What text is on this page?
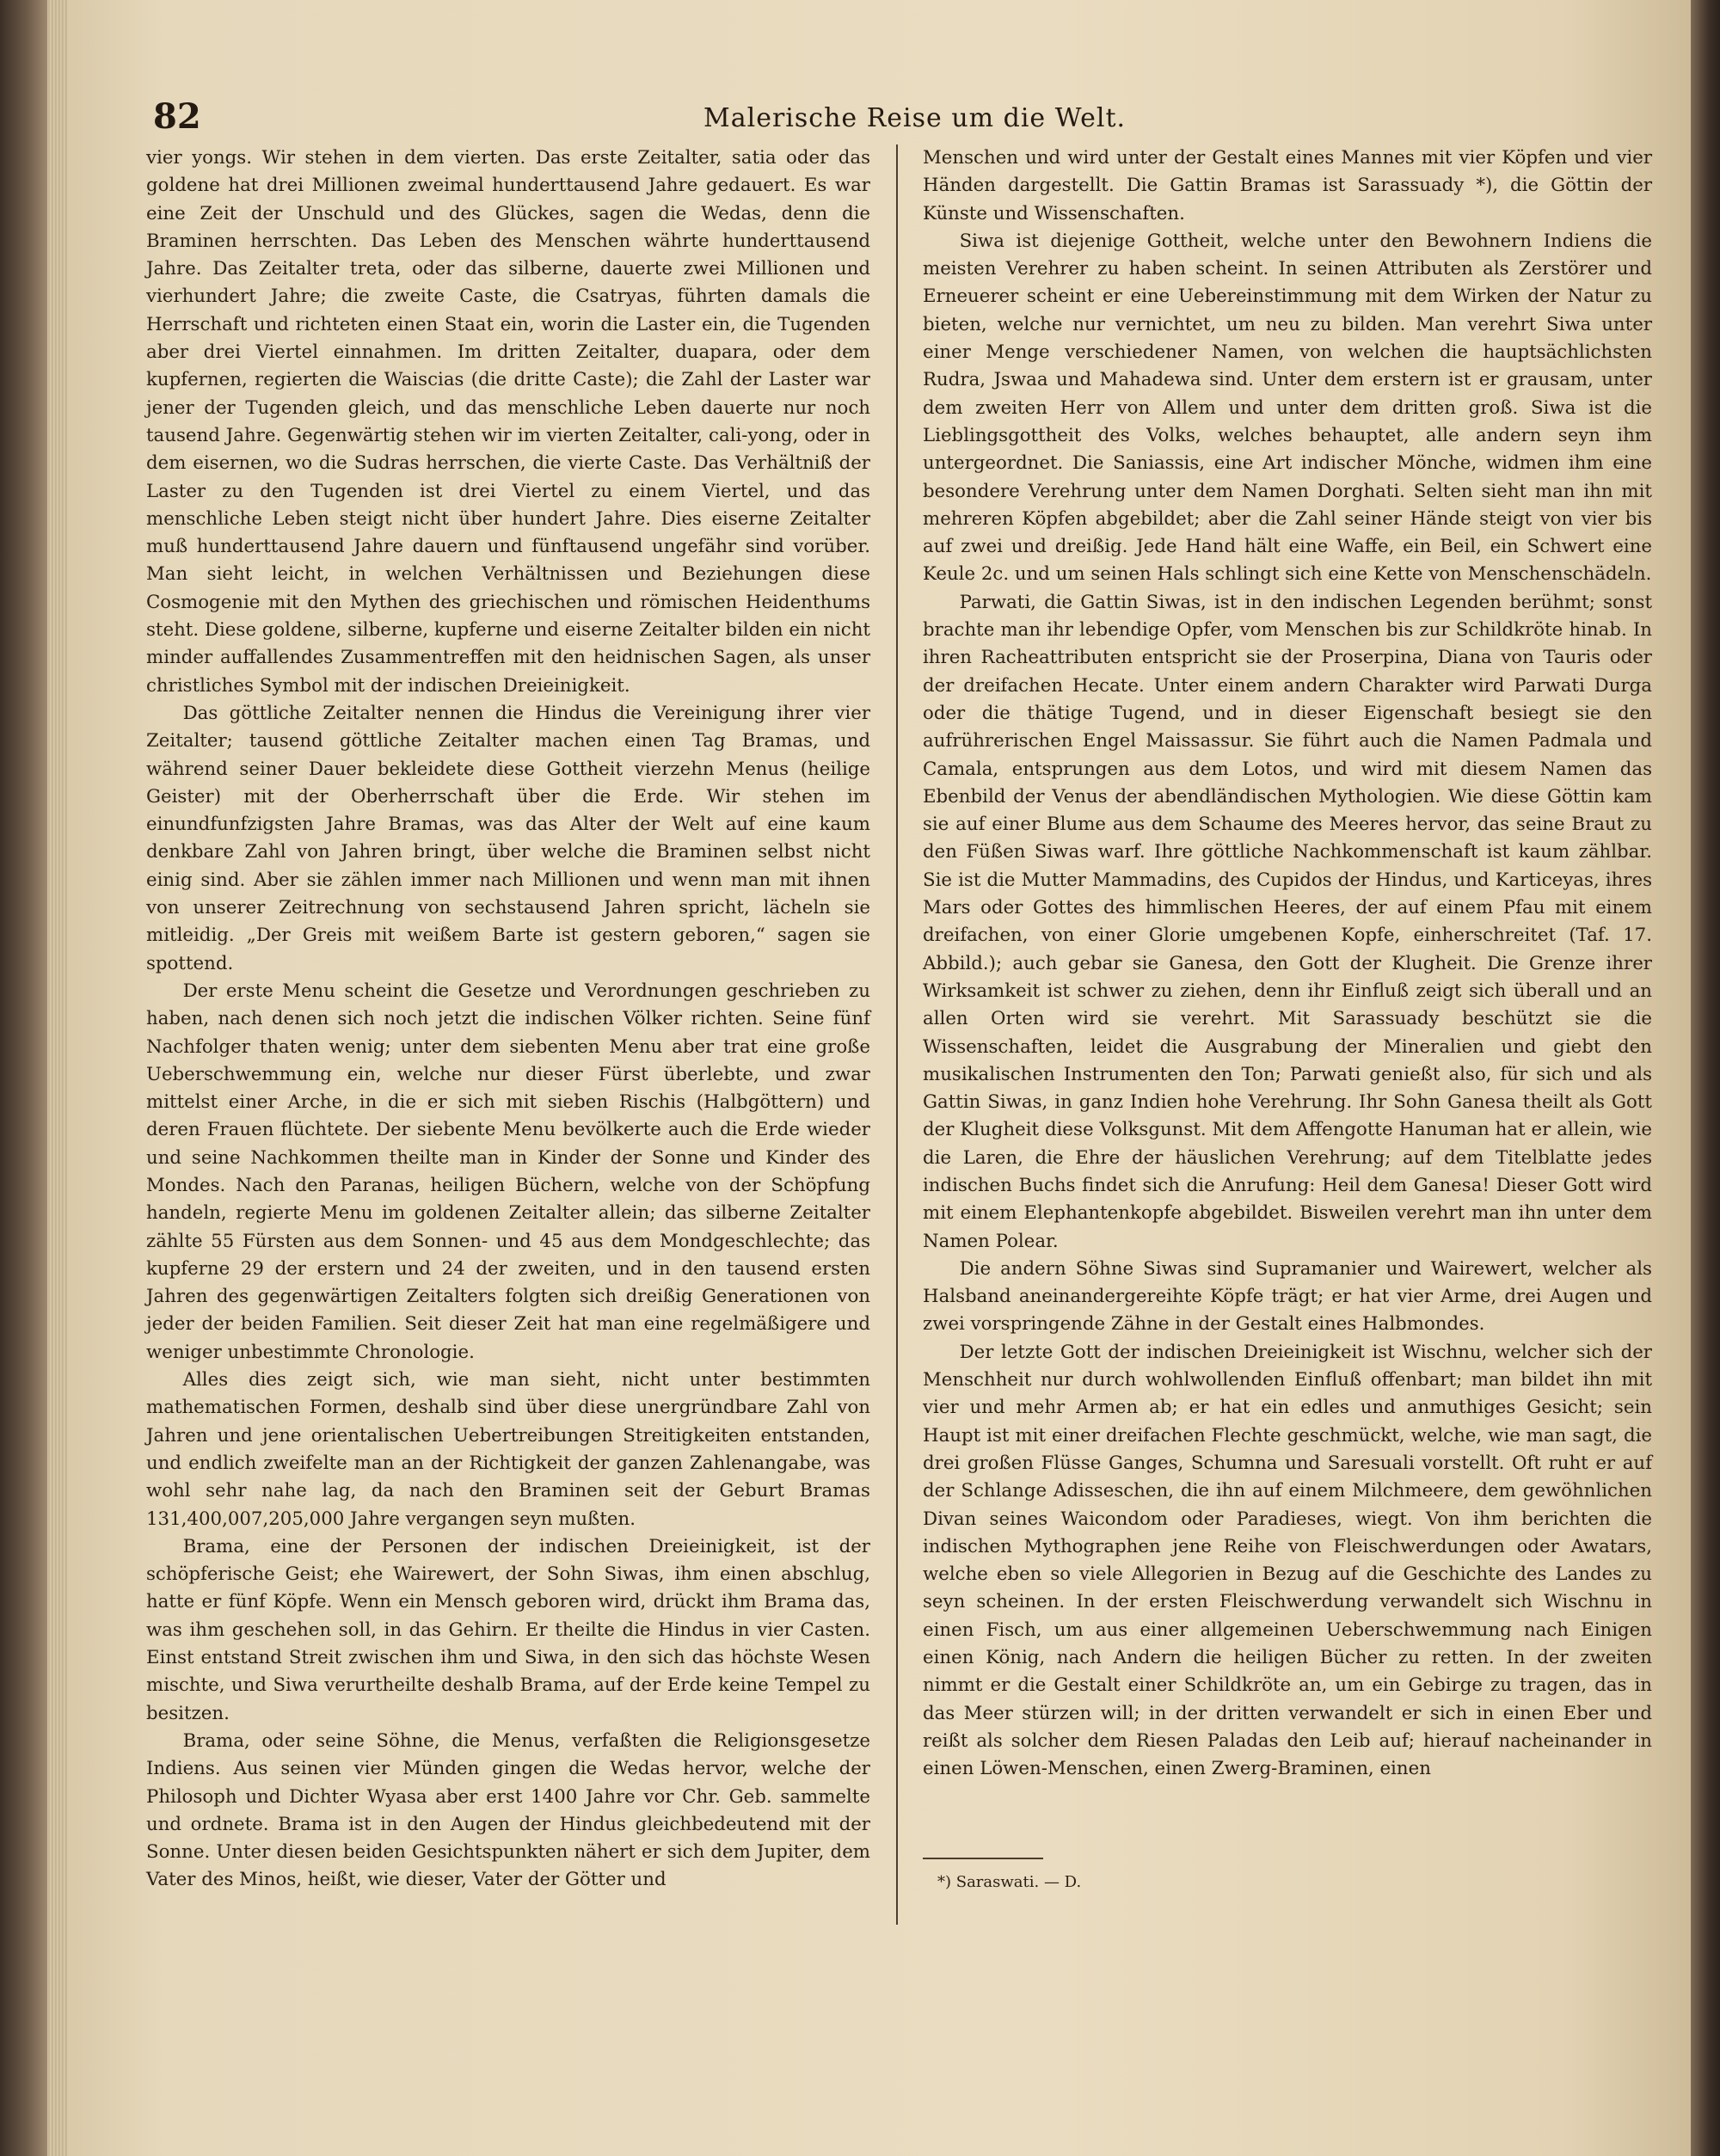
82	Malerische Reise um die Welt.

vier yongs. Wir stehen in dem vierten. Das erste Zeitalter, satia oder das goldene hat drei Millionen zweimal hunderttausend Jahre gedauert. Es war eine Zeit der Unschuld und des Glückes, sagen die Wedas, denn die Braminen herrschten. Das Leben des Menschen währte hunderttausend Jahre. Das Zeitalter treta, oder das silberne, dauerte zwei Millionen und vierhundert Jahre; die zweite Caste, die Csatryas, führten damals die Herrschaft und richteten einen Staat ein, worin die Laster ein, die Tugenden aber drei Viertel einnahmen. Im dritten Zeitalter, duapara, oder dem kupfernen, regierten die Waiscias (die dritte Caste); die Zahl der Laster war jener der Tugenden gleich, und das menschliche Leben dauerte nur noch tausend Jahre. Gegenwärtig stehen wir im vierten Zeitalter, cali-yong, oder in dem eisernen, wo die Sudras herrschen, die vierte Caste. Das Verhältniß der Laster zu den Tugenden ist drei Viertel zu einem Viertel, und das menschliche Leben steigt nicht über hundert Jahre. Dies eiserne Zeitalter muß hunderttausend Jahre dauern und fünftausend ungefähr sind vorüber. Man sieht leicht, in welchen Verhältnissen und Beziehungen diese Cosmogenie mit den Mythen des griechischen und römischen Heidenthums steht. Diese goldene, silberne, kupferne und eiserne Zeitalter bilden ein nicht minder auffallendes Zusammentreffen mit den heidnischen Sagen, als unser christliches Symbol mit der indischen Dreieinigkeit.

Das göttliche Zeitalter nennen die Hindus die Vereinigung ihrer vier Zeitalter; tausend göttliche Zeitalter machen einen Tag Bramas, und während seiner Dauer bekleidete diese Gottheit vierzehn Menus (heilige Geister) mit der Oberherrschaft über die Erde. Wir stehen im einundfunfzigsten Jahre Bramas, was das Alter der Welt auf eine kaum denkbare Zahl von Jahren bringt, über welche die Braminen selbst nicht einig sind. Aber sie zählen immer nach Millionen und wenn man mit ihnen von unserer Zeitrechnung von sechstausend Jahren spricht, lächeln sie mitleidig. „Der Greis mit weißem Barte ist gestern geboren,“ sagen sie spottend.

Der erste Menu scheint die Gesetze und Verordnungen geschrieben zu haben, nach denen sich noch jetzt die indischen Völker richten. Seine fünf Nachfolger thaten wenig; unter dem siebenten Menu aber trat eine große Ueberschwemmung ein, welche nur dieser Fürst überlebte, und zwar mittelst einer Arche, in die er sich mit sieben Rischis (Halbgöttern) und deren Frauen flüchtete. Der siebente Menu bevölkerte auch die Erde wieder und seine Nachkommen theilte man in Kinder der Sonne und Kinder des Mondes. Nach den Paranas, heiligen Büchern, welche von der Schöpfung handeln, regierte Menu im goldenen Zeitalter allein; das silberne Zeitalter zählte 55 Fürsten aus dem Sonnen- und 45 aus dem Mondgeschlechte; das kupferne 29 der erstern und 24 der zweiten, und in den tausend ersten Jahren des gegenwärtigen Zeitalters folgten sich dreißig Generationen von jeder der beiden Familien. Seit dieser Zeit hat man eine regelmäßigere und weniger unbestimmte Chronologie.

Alles dies zeigt sich, wie man sieht, nicht unter bestimmten mathematischen Formen, deshalb sind über diese unergründbare Zahl von Jahren und jene orientalischen Uebertreibungen Streitigkeiten entstanden, und endlich zweifelte man an der Richtigkeit der ganzen Zahlenangabe, was wohl sehr nahe lag, da nach den Braminen seit der Geburt Bramas 131,400,007,205,000 Jahre vergangen seyn mußten.

Brama, eine der Personen der indischen Dreieinigkeit, ist der schöpferische Geist; ehe Wairewert, der Sohn Siwas, ihm einen abschlug, hatte er fünf Köpfe. Wenn ein Mensch geboren wird, drückt ihm Brama das, was ihm geschehen soll, in das Gehirn. Er theilte die Hindus in vier Casten. Einst entstand Streit zwischen ihm und Siwa, in den sich das höchste Wesen mischte, und Siwa verurtheilte deshalb Brama, auf der Erde keine Tempel zu besitzen.

Brama, oder seine Söhne, die Menus, verfaßten die Religionsgesetze Indiens. Aus seinen vier Münden gingen die Wedas hervor, welche der Philosoph und Dichter Wyasa aber erst 1400 Jahre vor Chr. Geb. sammelte und ordnete. Brama ist in den Augen der Hindus gleichbedeutend mit der Sonne. Unter diesen beiden Gesichtspunkten nähert er sich dem Jupiter, dem Vater des Minos, heißt, wie dieser, Vater der Götter und

Menschen und wird unter der Gestalt eines Mannes mit vier Köpfen und vier Händen dargestellt. Die Gattin Bramas ist Sarassuady *), die Göttin der Künste und Wissenschaften.

Siwa ist diejenige Gottheit, welche unter den Bewohnern Indiens die meisten Verehrer zu haben scheint. In seinen Attributen als Zerstörer und Erneuerer scheint er eine Uebereinstimmung mit dem Wirken der Natur zu bieten, welche nur vernichtet, um neu zu bilden. Man verehrt Siwa unter einer Menge verschiedener Namen, von welchen die hauptsächlichsten Rudra, Jswaa und Mahadewa sind. Unter dem erstern ist er grausam, unter dem zweiten Herr von Allem und unter dem dritten groß. Siwa ist die Lieblingsgottheit des Volks, welches behauptet, alle andern seyn ihm untergeordnet. Die Saniassis, eine Art indischer Mönche, widmen ihm eine besondere Verehrung unter dem Namen Dorghati. Selten sieht man ihn mit mehreren Köpfen abgebildet; aber die Zahl seiner Hände steigt von vier bis auf zwei und dreißig. Jede Hand hält eine Waffe, ein Beil, ein Schwert eine Keule 2c. und um seinen Hals schlingt sich eine Kette von Menschenschädeln.

Parwati, die Gattin Siwas, ist in den indischen Legenden berühmt; sonst brachte man ihr lebendige Opfer, vom Menschen bis zur Schildkröte hinab. In ihren Racheattributen entspricht sie der Proserpina, Diana von Tauris oder der dreifachen Hecate. Unter einem andern Charakter wird Parwati Durga oder die thätige Tugend, und in dieser Eigenschaft besiegt sie den aufrührerischen Engel Maissassur. Sie führt auch die Namen Padmala und Camala, entsprungen aus dem Lotos, und wird mit diesem Namen das Ebenbild der Venus der abendländischen Mythologien. Wie diese Göttin kam sie auf einer Blume aus dem Schaume des Meeres hervor, das seine Braut zu den Füßen Siwas warf. Ihre göttliche Nachkommenschaft ist kaum zählbar. Sie ist die Mutter Mammadins, des Cupidos der Hindus, und Karticeyas, ihres Mars oder Gottes des himmlischen Heeres, der auf einem Pfau mit einem dreifachen, von einer Glorie umgebenen Kopfe, einherschreitet (Taf. 17. Abbild.); auch gebar sie Ganesa, den Gott der Klugheit. Die Grenze ihrer Wirksamkeit ist schwer zu ziehen, denn ihr Einfluß zeigt sich überall und an allen Orten wird sie verehrt. Mit Sarassuady beschützt sie die Wissenschaften, leidet die Ausgrabung der Mineralien und giebt den musikalischen Instrumenten den Ton; Parwati genießt also, für sich und als Gattin Siwas, in ganz Indien hohe Verehrung. Ihr Sohn Ganesa theilt als Gott der Klugheit diese Volksgunst. Mit dem Affengotte Hanuman hat er allein, wie die Laren, die Ehre der häuslichen Verehrung; auf dem Titelblatte jedes indischen Buchs findet sich die Anrufung: Heil dem Ganesa! Dieser Gott wird mit einem Elephantenkopfe abgebildet. Bisweilen verehrt man ihn unter dem Namen Polear.

Die andern Söhne Siwas sind Supramanier und Wairewert, welcher als Halsband aneinandergereihte Köpfe trägt; er hat vier Arme, drei Augen und zwei vorspringende Zähne in der Gestalt eines Halbmondes.

Der letzte Gott der indischen Dreieinigkeit ist Wischnu, welcher sich der Menschheit nur durch wohlwollenden Einfluß offenbart; man bildet ihn mit vier und mehr Armen ab; er hat ein edles und anmuthiges Gesicht; sein Haupt ist mit einer dreifachen Flechte geschmückt, welche, wie man sagt, die drei großen Flüsse Ganges, Schumna und Saresuali vorstellt. Oft ruht er auf der Schlange Adisseschen, die ihn auf einem Milchmeere, dem gewöhnlichen Divan seines Waicondom oder Paradieses, wiegt. Von ihm berichten die indischen Mythographen jene Reihe von Fleischwerdungen oder Awatars, welche eben so viele Allegorien in Bezug auf die Geschichte des Landes zu seyn scheinen. In der ersten Fleischwerdung verwandelt sich Wischnu in einen Fisch, um aus einer allgemeinen Ueberschwemmung nach Einigen einen König, nach Andern die heiligen Bücher zu retten. In der zweiten nimmt er die Gestalt einer Schildkröte an, um ein Gebirge zu tragen, das in das Meer stürzen will; in der dritten verwandelt er sich in einen Eber und reißt als solcher dem Riesen Paladas den Leib auf; hierauf nacheinander in einen Löwen-Menschen, einen Zwerg-Braminen, einen

*) Saraswati. — D.
